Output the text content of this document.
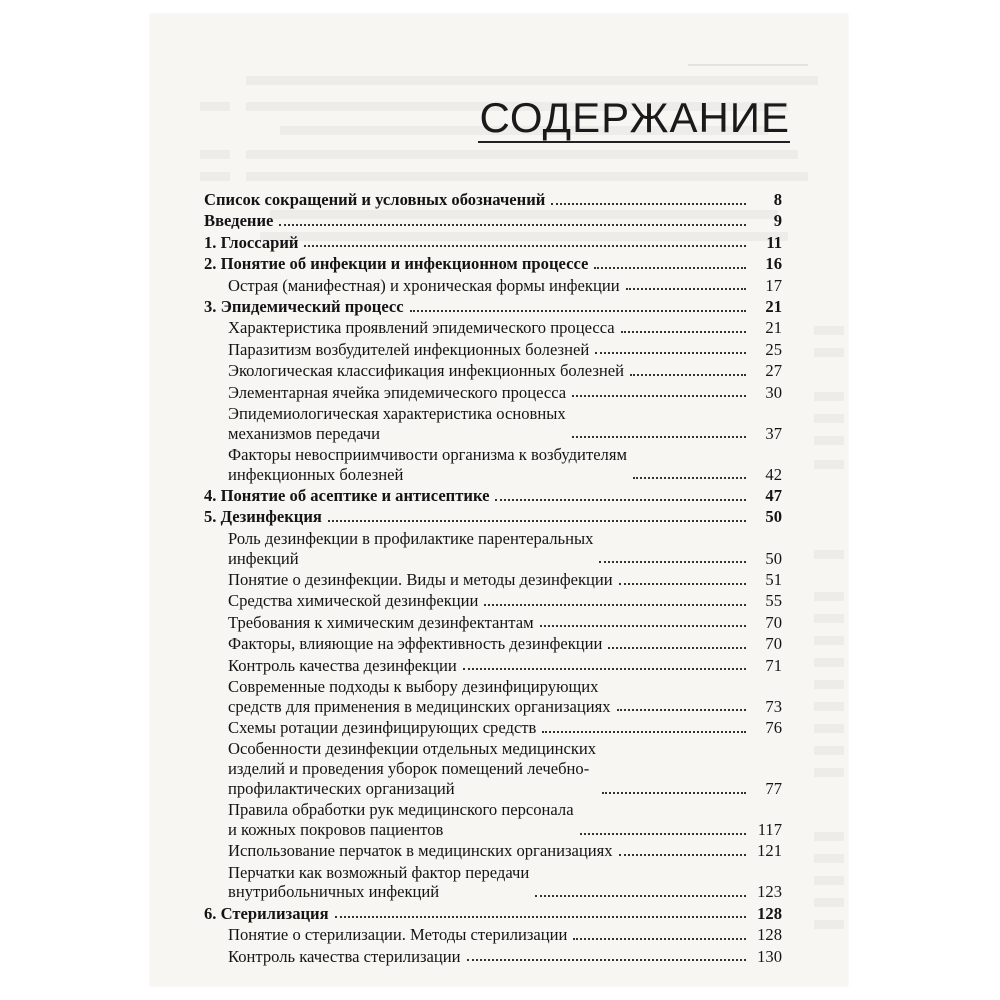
СОДЕРЖАНИЕ
Список сокращений и условных обозначений	8
Введение	9
1. Глоссарий	11
2. Понятие об инфекции и инфекционном процессе	16
Острая (манифестная) и хроническая формы инфекции	17
3. Эпидемический процесс	21
Характеристика проявлений эпидемического процесса	21
Паразитизм возбудителей инфекционных болезней	25
Экологическая классификация инфекционных болезней	27
Элементарная ячейка эпидемического процесса	30
Эпидемиологическая характеристика основных
механизмов передачи	37
Факторы невосприимчивости организма к возбудителям
инфекционных болезней	42
4. Понятие об асептике и антисептике	47
5. Дезинфекция	50
Роль дезинфекции в профилактике парентеральных
инфекций	50
Понятие о дезинфекции. Виды и методы дезинфекции	51
Средства химической дезинфекции	55
Требования к химическим дезинфектантам	70
Факторы, влияющие на эффективность дезинфекции	70
Контроль качества дезинфекции	71
Современные подходы к выбору дезинфицирующих
средств для применения в медицинских организациях	73
Схемы ротации дезинфицирующих средств	76
Особенности дезинфекции отдельных медицинских
изделий и проведения уборок помещений лечебно-
профилактических организаций	77
Правила обработки рук медицинского персонала
и кожных покровов пациентов	117
Использование перчаток в медицинских организациях	121
Перчатки как возможный фактор передачи
внутрибольничных инфекций	123
6. Стерилизация	128
Понятие о стерилизации. Методы стерилизации	128
Контроль качества стерилизации	130
